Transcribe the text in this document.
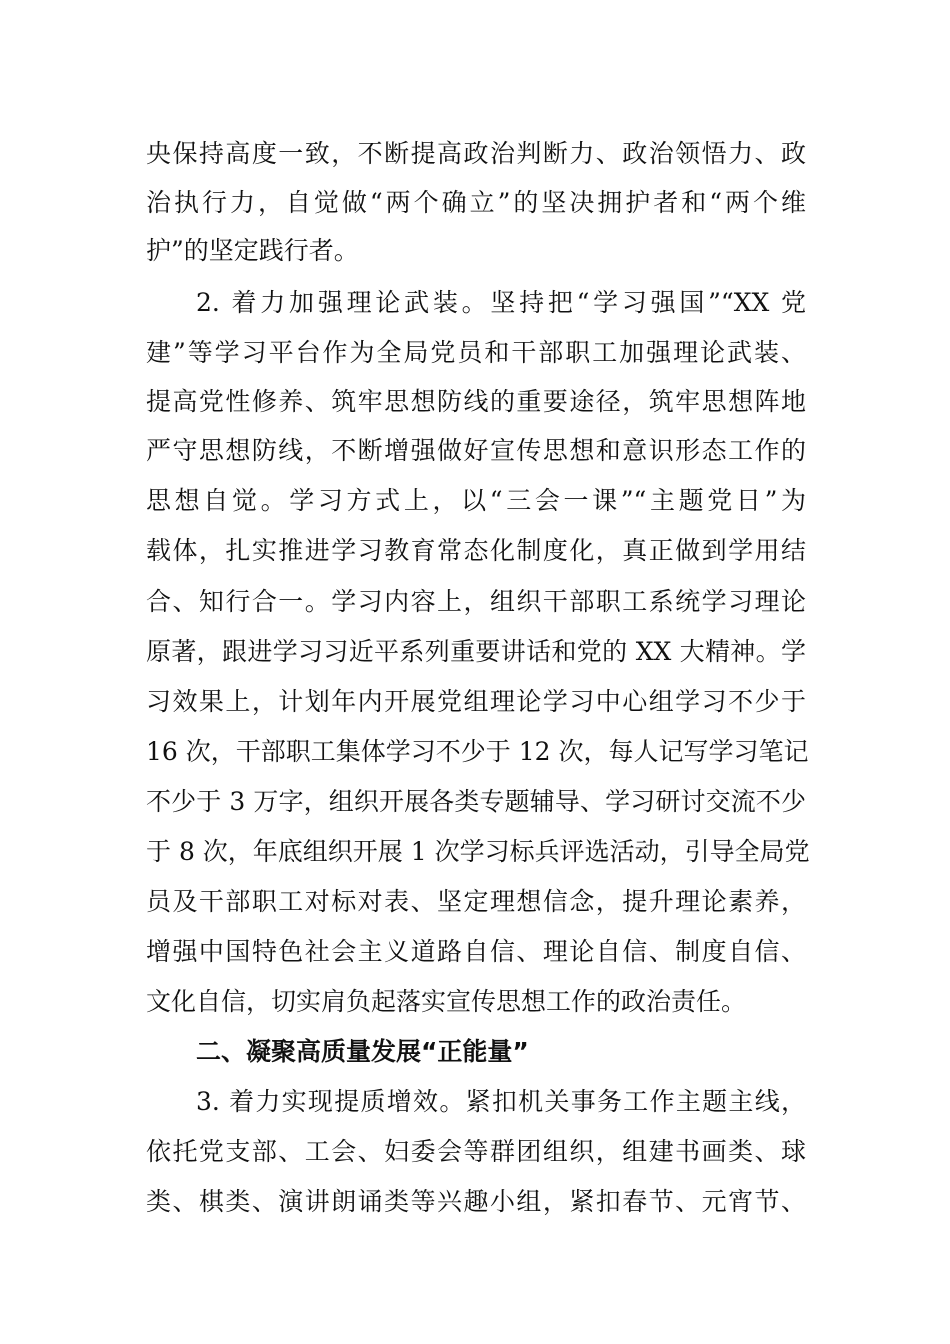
央保持高度一致，不断提高政治判断力、政治领悟力、政
治执行力，自觉做“两个确立”的坚决拥护者和“两个维
护”的坚定践行者。
2. 着力加强理论武装。坚持把“学习强国”“XX 党
建”等学习平台作为全局党员和干部职工加强理论武装、
提高党性修养、筑牢思想防线的重要途径，筑牢思想阵地
严守思想防线，不断增强做好宣传思想和意识形态工作的
思想自觉。学习方式上，以“三会一课”“主题党日”为
载体，扎实推进学习教育常态化制度化，真正做到学用结
合、知行合一。学习内容上，组织干部职工系统学习理论
原著，跟进学习习近平系列重要讲话和党的 XX 大精神。学
习效果上，计划年内开展党组理论学习中心组学习不少于
16 次，干部职工集体学习不少于 12 次，每人记写学习笔记
不少于 3 万字，组织开展各类专题辅导、学习研讨交流不少
于 8 次，年底组织开展 1 次学习标兵评选活动，引导全局党
员及干部职工对标对表、坚定理想信念，提升理论素养，
增强中国特色社会主义道路自信、理论自信、制度自信、
文化自信，切实肩负起落实宣传思想工作的政治责任。
二、凝聚高质量发展“正能量”
3. 着力实现提质增效。紧扣机关事务工作主题主线，
依托党支部、工会、妇委会等群团组织，组建书画类、球
类、棋类、演讲朗诵类等兴趣小组，紧扣春节、元宵节、
